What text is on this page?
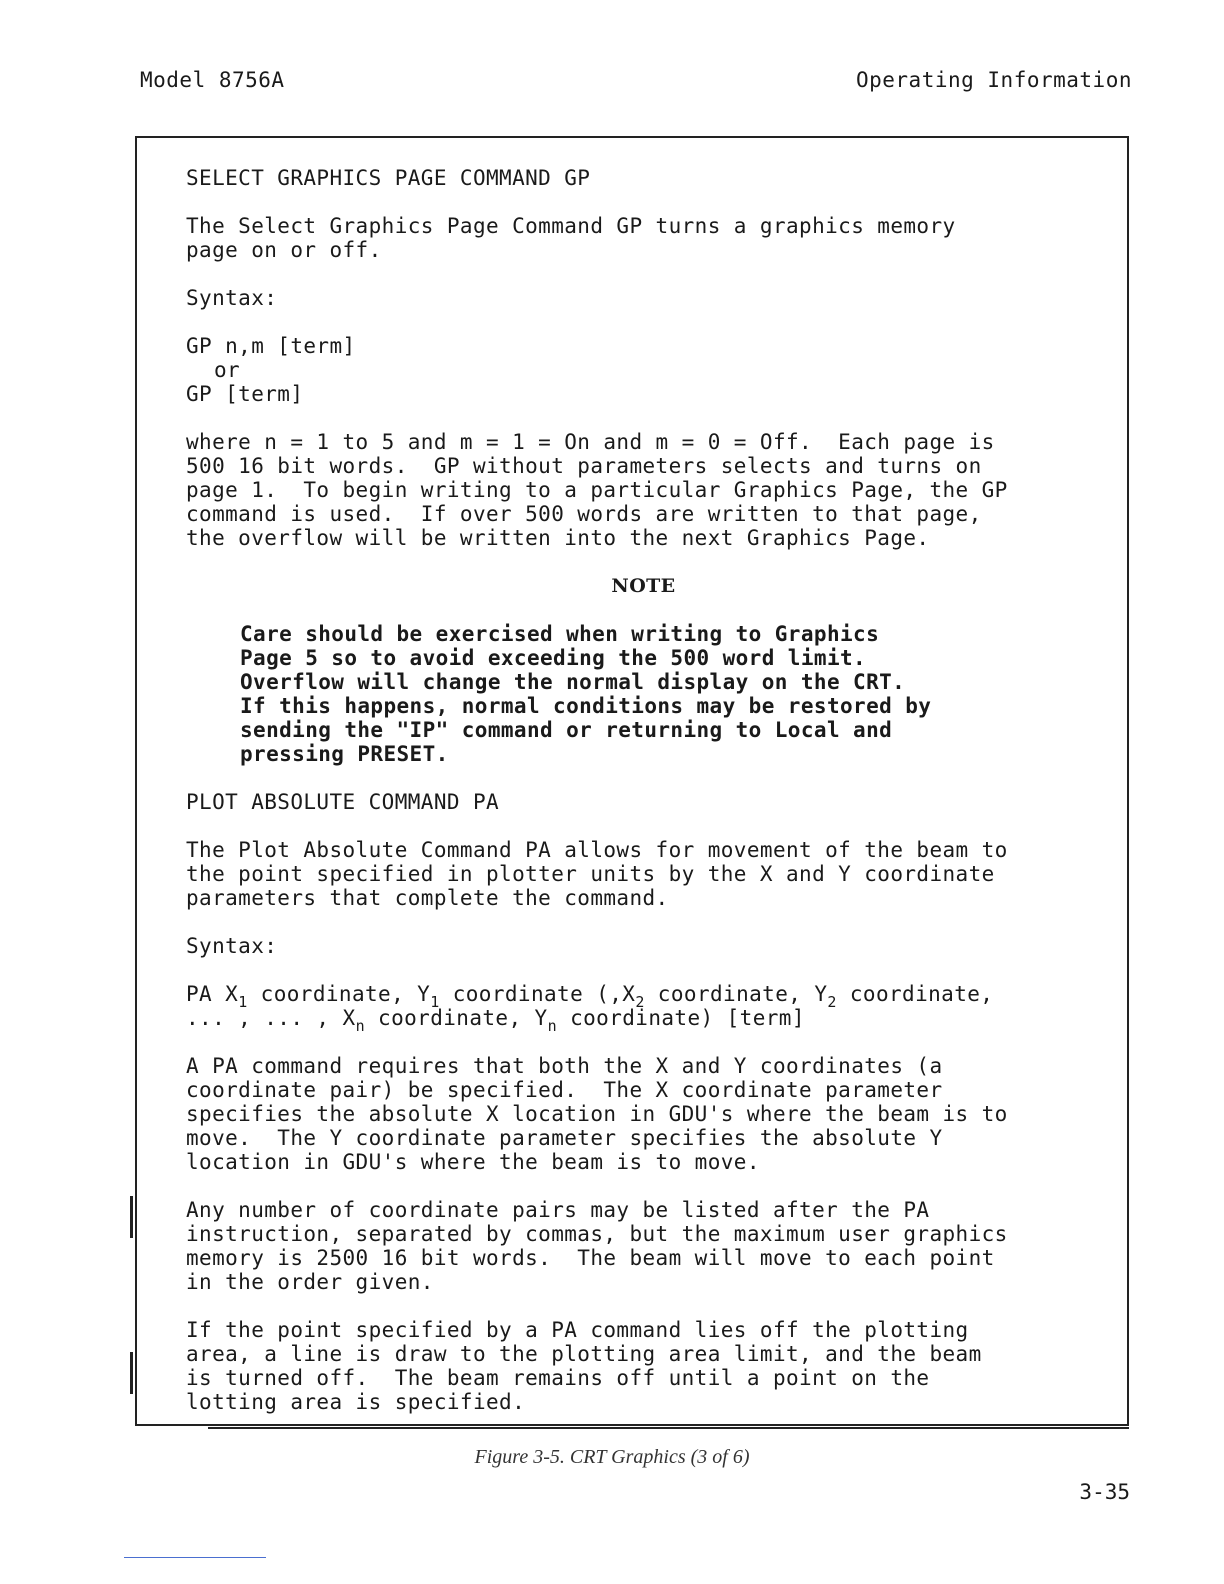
Model 8756A	Operating Information

SELECT GRAPHICS PAGE COMMAND GP

The Select Graphics Page Command GP turns a graphics memory
page on or off.

Syntax:

GP n,m [term]
or
GP [term]

where n = 1 to 5 and m = 1 = On and m = 0 = Off.  Each page is
500 16 bit words.  GP without parameters selects and turns on
page 1.  To begin writing to a particular Graphics Page, the GP
command is used.  If over 500 words are written to that page,
the overflow will be written into the next Graphics Page.

NOTE
Care should be exercised when writing to Graphics
Page 5 so to avoid exceeding the 500 word limit.
Overflow will change the normal display on the CRT.
If this happens, normal conditions may be restored by
sending the "IP" command or returning to Local and
pressing PRESET.

PLOT ABSOLUTE COMMAND PA

The Plot Absolute Command PA allows for movement of the beam to
the point specified in plotter units by the X and Y coordinate
parameters that complete the command.

Syntax:

PA $X_1$ coordinate, $Y_1$ coordinate ($,X_2$ coordinate, $Y_2$ coordinate,
... , ... , $X_n$ coordinate, $Y_n$ coordinate) [term]

A PA command requires that both the X and Y coordinates (a
coordinate pair) be specified.  The X coordinate parameter
specifies the absolute X location in GDU's where the beam is to
move.  The Y coordinate parameter specifies the absolute Y
location in GDU's where the beam is to move.

Any number of coordinate pairs may be listed after the PA
instruction, separated by commas, but the maximum user graphics
memory is 2500 16 bit words.  The beam will move to each point
in the order given.

If the point specified by a PA command lies off the plotting
area, a line is draw to the plotting area limit, and the beam
is turned off.  The beam remains off until a point on the
lotting area is specified.

Figure 3-5. CRT Graphics (3 of 6)
3-35
